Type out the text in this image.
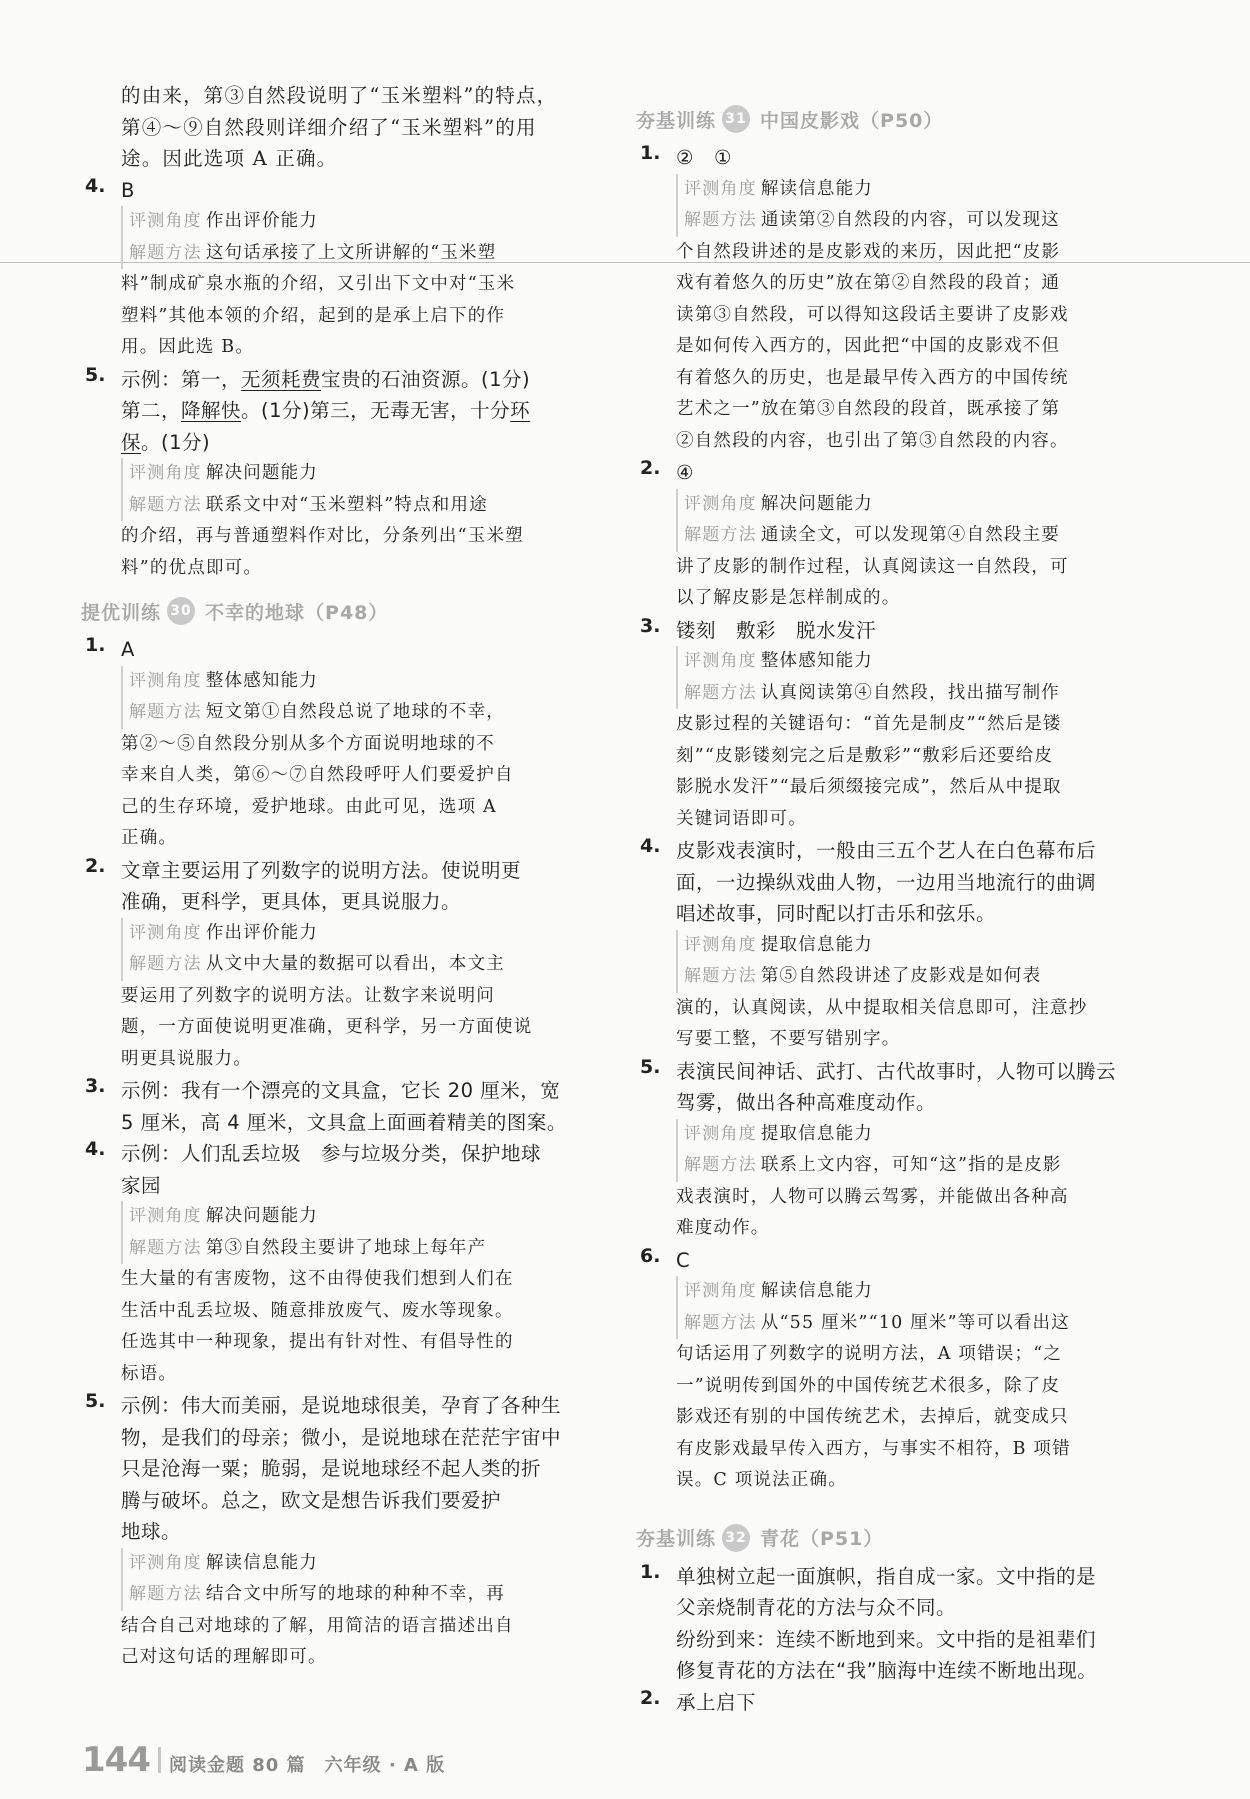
的由来，第③自然段说明了“玉米塑料”的特点，
第④～⑨自然段则详细介绍了“玉米塑料”的用
途。因此选项 A 正确。
4. B
评测角度 作出评价能力
解题方法 这句话承接了上文所讲解的“玉米塑
料”制成矿泉水瓶的介绍，又引出下文中对“玉米
塑料”其他本领的介绍，起到的是承上启下的作
用。因此选 B。
5. 示例：第一，无须耗费宝贵的石油资源。(1分)
第二，降解快。(1分)第三，无毒无害，十分环
保。(1分)
评测角度 解决问题能力
解题方法 联系文中对“玉米塑料”特点和用途
的介绍，再与普通塑料作对比，分条列出“玉米塑
料”的优点即可。
提优训练 30 不幸的地球（P48）
1. A
评测角度 整体感知能力
解题方法 短文第①自然段总说了地球的不幸，
第②～⑤自然段分别从多个方面说明地球的不
幸来自人类，第⑥～⑦自然段呼吁人们要爱护自
己的生存环境，爱护地球。由此可见，选项 A
正确。
2. 文章主要运用了列数字的说明方法。使说明更
准确，更科学，更具体，更具说服力。
评测角度 作出评价能力
解题方法 从文中大量的数据可以看出，本文主
要运用了列数字的说明方法。让数字来说明问
题，一方面使说明更准确，更科学，另一方面使说
明更具说服力。
3. 示例：我有一个漂亮的文具盒，它长 20 厘米，宽
5 厘米，高 4 厘米，文具盒上面画着精美的图案。
4. 示例：人们乱丢垃圾　参与垃圾分类，保护地球
家园
评测角度 解决问题能力
解题方法 第③自然段主要讲了地球上每年产
生大量的有害废物，这不由得使我们想到人们在
生活中乱丢垃圾、随意排放废气、废水等现象。
任选其中一种现象，提出有针对性、有倡导性的
标语。
5. 示例：伟大而美丽，是说地球很美，孕育了各种生
物，是我们的母亲；微小，是说地球在茫茫宇宙中
只是沧海一粟；脆弱，是说地球经不起人类的折
腾与破坏。总之，欧文是想告诉我们要爱护
地球。
评测角度 解读信息能力
解题方法 结合文中所写的地球的种种不幸，再
结合自己对地球的了解，用简洁的语言描述出自
己对这句话的理解即可。
夯基训练 31 中国皮影戏（P50）
1. ②　①
评测角度 解读信息能力
解题方法 通读第②自然段的内容，可以发现这
个自然段讲述的是皮影戏的来历，因此把“皮影
戏有着悠久的历史”放在第②自然段的段首；通
读第③自然段，可以得知这段话主要讲了皮影戏
是如何传入西方的，因此把“中国的皮影戏不但
有着悠久的历史，也是最早传入西方的中国传统
艺术之一”放在第③自然段的段首，既承接了第
②自然段的内容，也引出了第③自然段的内容。
2. ④
评测角度 解决问题能力
解题方法 通读全文，可以发现第④自然段主要
讲了皮影的制作过程，认真阅读这一自然段，可
以了解皮影是怎样制成的。
3. 镂刻　敷彩　脱水发汗
评测角度 整体感知能力
解题方法 认真阅读第④自然段，找出描写制作
皮影过程的关键语句：“首先是制皮”“然后是镂
刻”“皮影镂刻完之后是敷彩”“敷彩后还要给皮
影脱水发汗”“最后须缀接完成”，然后从中提取
关键词语即可。
4. 皮影戏表演时，一般由三五个艺人在白色幕布后
面，一边操纵戏曲人物，一边用当地流行的曲调
唱述故事，同时配以打击乐和弦乐。
评测角度 提取信息能力
解题方法 第⑤自然段讲述了皮影戏是如何表
演的，认真阅读，从中提取相关信息即可，注意抄
写要工整，不要写错别字。
5. 表演民间神话、武打、古代故事时，人物可以腾云
驾雾，做出各种高难度动作。
评测角度 提取信息能力
解题方法 联系上文内容，可知“这”指的是皮影
戏表演时，人物可以腾云驾雾，并能做出各种高
难度动作。
6. C
评测角度 解读信息能力
解题方法 从“55 厘米”“10 厘米”等可以看出这
句话运用了列数字的说明方法，A 项错误；“之
一”说明传到国外的中国传统艺术很多，除了皮
影戏还有别的中国传统艺术，去掉后，就变成只
有皮影戏最早传入西方，与事实不相符，B 项错
误。C 项说法正确。
夯基训练 32 青花（P51）
1. 单独树立起一面旗帜，指自成一家。文中指的是
父亲烧制青花的方法与众不同。
纷纷到来：连续不断地到来。文中指的是祖辈们
修复青花的方法在“我”脑海中连续不断地出现。
2. 承上启下
144 阅读金题 80 篇　六年级 · A 版
